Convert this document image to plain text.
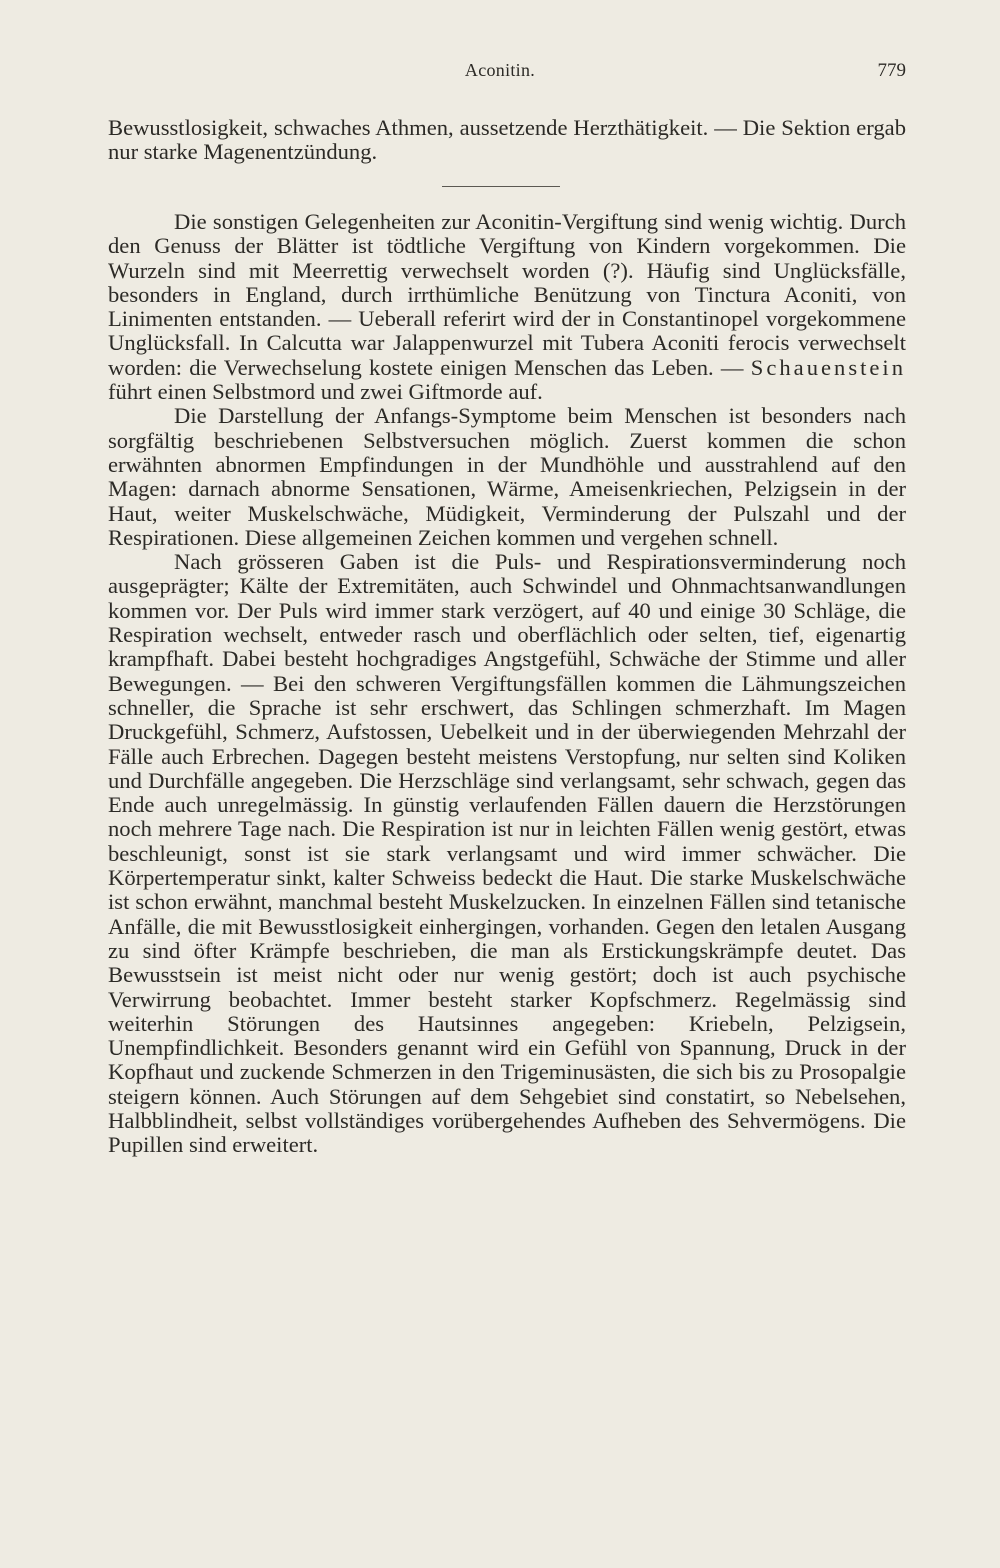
Aconitin.	779

Bewusstlosigkeit, schwaches Athmen, aussetzende Herzthätigkeit. — Die Sektion ergab nur starke Magenentzündung.

Die sonstigen Gelegenheiten zur Aconitin-Vergiftung sind wenig wichtig. Durch den Genuss der Blätter ist tödtliche Vergiftung von Kindern vorgekommen. Die Wurzeln sind mit Meerrettig verwechselt worden (?). Häufig sind Unglücksfälle, besonders in England, durch irrthümliche Benützung von Tinctura Aconiti, von Linimenten entstanden. — Ueberall referirt wird der in Constantinopel vorgekommene Unglücksfall. In Calcutta war Jalappenwurzel mit Tubera Aconiti ferocis verwechselt worden: die Verwechselung kostete einigen Menschen das Leben. — Schauenstein führt einen Selbstmord und zwei Giftmorde auf.

Die Darstellung der Anfangs-Symptome beim Menschen ist besonders nach sorgfältig beschriebenen Selbstversuchen möglich. Zuerst kommen die schon erwähnten abnormen Empfindungen in der Mundhöhle und ausstrahlend auf den Magen: darnach abnorme Sensationen, Wärme, Ameisenkriechen, Pelzigsein in der Haut, weiter Muskelschwäche, Müdigkeit, Verminderung der Pulszahl und der Respirationen. Diese allgemeinen Zeichen kommen und vergehen schnell.

Nach grösseren Gaben ist die Puls- und Respirationsverminderung noch ausgeprägter; Kälte der Extremitäten, auch Schwindel und Ohnmachtsanwandlungen kommen vor. Der Puls wird immer stark verzögert, auf 40 und einige 30 Schläge, die Respiration wechselt, entweder rasch und oberflächlich oder selten, tief, eigenartig krampfhaft. Dabei besteht hochgradiges Angstgefühl, Schwäche der Stimme und aller Bewegungen. — Bei den schweren Vergiftungsfällen kommen die Lähmungszeichen schneller, die Sprache ist sehr erschwert, das Schlingen schmerzhaft. Im Magen Druckgefühl, Schmerz, Aufstossen, Uebelkeit und in der überwiegenden Mehrzahl der Fälle auch Erbrechen. Dagegen besteht meistens Verstopfung, nur selten sind Koliken und Durchfälle angegeben. Die Herzschläge sind verlangsamt, sehr schwach, gegen das Ende auch unregelmässig. In günstig verlaufenden Fällen dauern die Herzstörungen noch mehrere Tage nach. Die Respiration ist nur in leichten Fällen wenig gestört, etwas beschleunigt, sonst ist sie stark verlangsamt und wird immer schwächer. Die Körpertemperatur sinkt, kalter Schweiss bedeckt die Haut. Die starke Muskelschwäche ist schon erwähnt, manchmal besteht Muskelzucken. In einzelnen Fällen sind tetanische Anfälle, die mit Bewusstlosigkeit einhergingen, vorhanden. Gegen den letalen Ausgang zu sind öfter Krämpfe beschrieben, die man als Erstickungskrämpfe deutet. Das Bewusstsein ist meist nicht oder nur wenig gestört; doch ist auch psychische Verwirrung beobachtet. Immer besteht starker Kopfschmerz. Regelmässig sind weiterhin Störungen des Hautsinnes angegeben: Kriebeln, Pelzigsein, Unempfindlichkeit. Besonders genannt wird ein Gefühl von Spannung, Druck in der Kopfhaut und zuckende Schmerzen in den Trigeminusästen, die sich bis zu Prosopalgie steigern können. Auch Störungen auf dem Sehgebiet sind constatirt, so Nebelsehen, Halbblindheit, selbst vollständiges vorübergehendes Aufheben des Sehvermögens. Die Pupillen sind erweitert.
